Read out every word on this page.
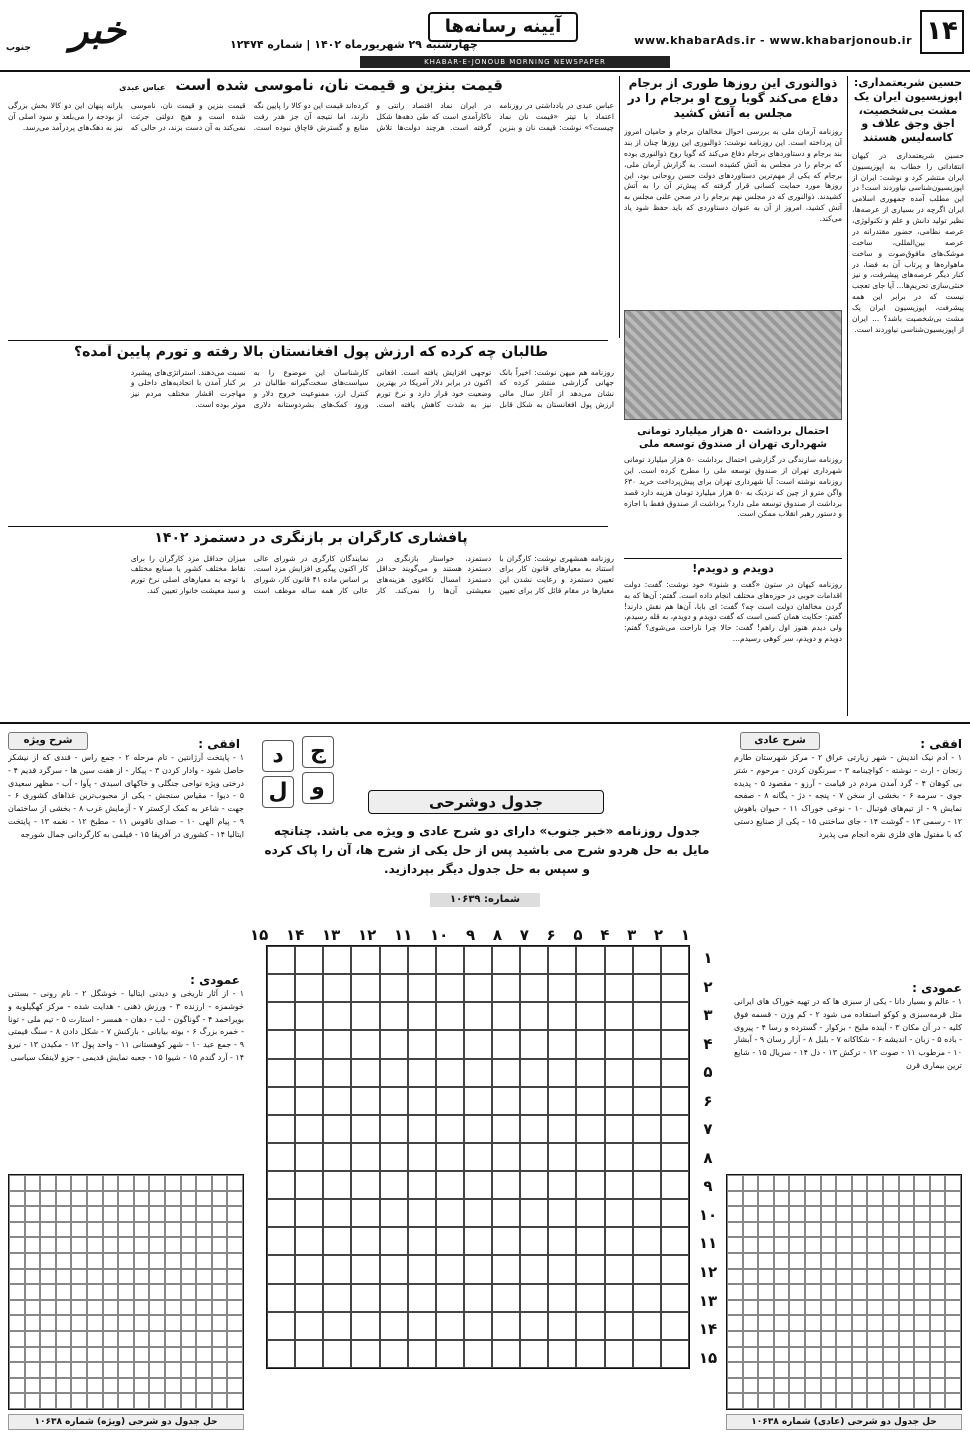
۱۴
www.khabarAds.ir - www.khabarjonoub.ir
آیینه رسانه‌ها
چهارشنبه ۲۹ شهریورماه ۱۴۰۲ | شماره ۱۲۴۷۴
خبر
جنوب
KHABAR-E-JONOUB MORNING NEWSPAPER
حسین شریعتمداری: اپوزیسیون ایران یک مشت بی‌شخصیت، اجق وجق علاف و کاسه‌لیس هستند
حسین شریعتمداری در کیهان انتقاداتی را خطاب به اپوزیسیون ایران منتشر کرد و نوشت: ایران از اپوزیسیون‌شناسی نیاوردند است! در این مطلب آمده جمهوری اسلامی ایران اگرچه در بسیاری از عرصه‌ها، نظیر تولید دانش و علم و تکنولوژی، عرصه نظامی، حضور مقتدرانه در عرصه بین‌المللی، ساخت موشک‌های مافوق‌صوت و ساخت ماهواره‌ها و پرتاب آن به فضا، در کنار دیگر عرصه‌های پیشرفت، و نیز خنثی‌سازی تحریم‌ها... آیا جای تعجب نیست که در برابر این همه پیشرفت، اپوزیسیون ایران یک مشت بی‌شخصیت باشد؟ ... ایران از اپوزیسیون‌شناسی نیاوردند است.
ذوالنوری این روزها طوری از برجام دفاع می‌کند گویا روح او برجام را در مجلس به آتش کشید
روزنامه آرمان ملی به بررسی احوال مخالفان برجام و حامیان امروز آن پرداخته است. این روزنامه نوشت: ذوالنوری این روزها چنان از بند بند برجام و دستاوردهای برجام دفاع می‌کند که گویا روح ذوالنوری بوده که برجام را در مجلس به آتش کشیده است. به گزارش آرمان ملی، برجام که یکی از مهم‌ترین دستاوردهای دولت حسن روحانی بود، این روزها مورد حمایت کسانی قرار گرفته که پیش‌تر آن را به آتش کشیدند. ذوالنوری که در مجلس نهم برجام را در صحن علنی مجلس به آتش کشید، امروز از آن به عنوان دستاوردی که باید حفظ شود یاد می‌کند.
قیمت بنزین و قیمت نان، ناموسی شده است
عباس عبدی
عباس عبدی در یادداشتی در روزنامه اعتماد با تیتر «قیمت نان نماد چیست؟» نوشت: قیمت نان و بنزین در ایران نماد اقتصاد رانتی و ناکارآمدی است که طی دهه‌ها شکل گرفته است. هرچند دولت‌ها تلاش کرده‌اند قیمت این دو کالا را پایین نگه دارند، اما نتیجه آن جز هدر رفت منابع و گسترش قاچاق نبوده است. قیمت بنزین و قیمت نان، ناموسی شده است و هیچ دولتی جرئت نمی‌کند به آن دست بزند، در حالی که یارانه پنهان این دو کالا بخش بزرگی از بودجه را می‌بلعد و سود اصلی آن نیز به دهک‌های پردرآمد می‌رسد.
احتمال برداشت ۵۰ هزار میلیارد تومانی شهرداری تهران از صندوق توسعه ملی
روزنامه سازندگی در گزارشی احتمال برداشت ۵۰ هزار میلیارد تومانی شهرداری تهران از صندوق توسعه ملی را مطرح کرده است. این روزنامه نوشته است: آیا شهرداری تهران برای پیش‌پرداخت خرید ۶۳۰ واگن مترو از چین که نزدیک به ۵۰ هزار میلیارد تومان هزینه دارد قصد برداشت از صندوق توسعه ملی دارد؟ برداشت از صندوق فقط با اجازه و دستور رهبر انقلاب ممکن است.
دویدم و دویدم!
روزنامه کیهان در ستون «گفت و شنود» خود نوشت: گفت: دولت اقدامات خوبی در حوزه‌های مختلف انجام داده است. گفتم: آن‌ها که به گردن مخالفان دولت است چه؟ گفت: ای بابا، آن‌ها هم نقش دارند! گفتم: حکایت همان کسی است که گفت دویدم و دویدم، به قله رسیدم، ولی دیدم هنوز اول راهم! گفت: حالا چرا ناراحت می‌شوی؟ گفتم: دویدم و دویدم، سر کوهی رسیدم...
طالبان چه کرده که ارزش پول افغانستان بالا رفته و تورم پایین آمده؟
روزنامه هم میهن نوشت: اخیراً بانک جهانی گزارشی منتشر کرده که نشان می‌دهد از آغاز سال مالی ارزش پول افغانستان به شکل قابل توجهی افزایش یافته است. افغانی اکنون در برابر دلار آمریکا در بهترین وضعیت خود قرار دارد و نرخ تورم نیز به شدت کاهش یافته است. کارشناسان این موضوع را به سیاست‌های سخت‌گیرانه طالبان در کنترل ارز، ممنوعیت خروج دلار و ورود کمک‌های بشردوستانه دلاری نسبت می‌دهند. استراتژی‌های پیشبرد بر کنار آمدن با اتحادیه‌های داخلی و مهاجرت اقشار مختلف مردم نیز موثر بوده است.
پافشاری کارگران بر بازنگری در دستمزد ۱۴۰۲
روزنامه همشهری نوشت: کارگران با استناد به معیارهای قانون کار برای تعیین دستمزد و رعایت نشدن این معیارها در مقام قائل کار برای تعیین دستمزد، خواستار بازنگری در دستمزد هستند و می‌گویند حداقل دستمزد امسال تکافوی هزینه‌های معیشتی آن‌ها را نمی‌کند. کار نمایندگان کارگری در شورای عالی کار اکنون پیگیری افزایش مزد است. بر اساس ماده ۴۱ قانون کار، شورای عالی کار همه ساله موظف است میزان حداقل مزد کارگران را برای نقاط مختلف کشور یا صنایع مختلف با توجه به معیارهای اصلی نرخ تورم و سبد معیشت خانوار تعیین کند.
ج
د
و
ل	جدول دوشرحی
جدول روزنامه «خبر جنوب» دارای دو شرح عادی و ویژه می باشد. چنانچه مایل به حل هردو شرح می باشید پس از حل یکی از شرح ها، آن را پاک کرده و سپس به حل جدول دیگر بپردازید.
شماره: ۱۰۶۳۹
۱۵ ۱۴ ۱۳ ۱۲ ۱۱ ۱۰ ۹ ۸ ۷ ۶ ۵ ۴ ۳ ۲ ۱
۱
۲
۳
۴
۵
۶
۷
۸
۹
۱۰
۱۱
۱۲
۱۳
۱۴
۱۵
شرح ویژه	افقی :
۱ - پایتخت آرژانتین - تام مرحله ۲ - جمع راس - قندی که از نیشکر حاصل شود - وادار کردن ۳ - پیکار - از هفت سین ها - سرگرد قدیم ۴ - درختی ویژه نواحی جنگلی و خاکهای اسیدی - پآوا - آب - مظهر سعیدی ۵ - دیوا - مقیاس سنجش - یکی از محبوب‌ترین غذاهای کشوری ۶ - جهت - شاعر به کمک ارکستر ۷ - آزمایش غرب ۸ - بخشی از ساختمان ۹ - پیام الهی ۱۰ - صدای ناقوس ۱۱ - مطبخ ۱۲ - نغمه ۱۳ - پایتخت ایتالیا ۱۴ - کشوری در آفریقا ۱۵ - فیلمی به کارگردانی جمال شورجه
عمودی :
۱ - از آثار تاریخی و دیدنی ایتالیا - خوشگل ۲ - نام رونی - بستنی خوشمزه - ارزنده ۳ - ورزش ذهنی - هدایت شده - مرکز کهگیلویه و بویراحمد ۴ - گوناگون - لب - دهان - همسر - استارت ۵ - تیم ملی - تونا - خمره بزرگ ۶ - بوته بیابانی - بارکنش ۷ - شکل دادن ۸ - سنگ قیمتی ۹ - جمع عید ۱۰ - شهر کوهستانی ۱۱ - واحد پول ۱۲ - مکیدن ۱۳ - نیرو ۱۴ - آرد گندم ۱۵ - شیوا ۱۵ - جعبه نمایش قدیمی - جزو لاینفک سیاسی
شرح عادی	افقی :
۱ - آدم نیک اندیش - شهر زیارتی عراق ۲ - مرکز شهرستان طارم زنجان - ارث - نوشته - کواچینامه ۳ - سرنگون کردن - مرحوم - شتر بی کوهان ۴ - گرد آمدن مردم در قیامت - آرزو - مقصود ۵ - پدیده جوی - سرمه ۶ - بخشی از سخن ۷ - پنجه - دژ - یگانه ۸ - صفحه نمایش ۹ - از تیم‌های فوتبال ۱۰ - نوعی خوراک ۱۱ - حیوان باهوش ۱۲ - رسمی ۱۳ - گوشت ۱۴ - جای ساختنی ۱۵ - یکی از صنایع دستی که با مفتول های فلزی نقره انجام می پذیرد
عمودی :
۱ - عالم و بسیار دانا - یکی از سبزی ها که در تهیه خوراک های ایرانی مثل قرمه‌سبزی و کوکو استفاده می شود ۲ - کم وزن - قسمه فوق کلیه - در آن مکان ۳ - آینده ملیح - بزکوار - گسترده و رسا ۴ - پیروی - باده ۵ - زبان - اندیشه ۶ - شکاکانه ۷ - بلبل ۸ - آزار رسان ۹ - آبشار ۱۰ - مرطوب ۱۱ - صوت ۱۲ - ترکش ۱۳ - دل ۱۴ - سریال ۱۵ - شایع ترین بیماری قرن
حل جدول دو شرحی (ویژه) شماره ۱۰۶۳۸	حل جدول دو شرحی (عادی) شماره ۱۰۶۳۸
